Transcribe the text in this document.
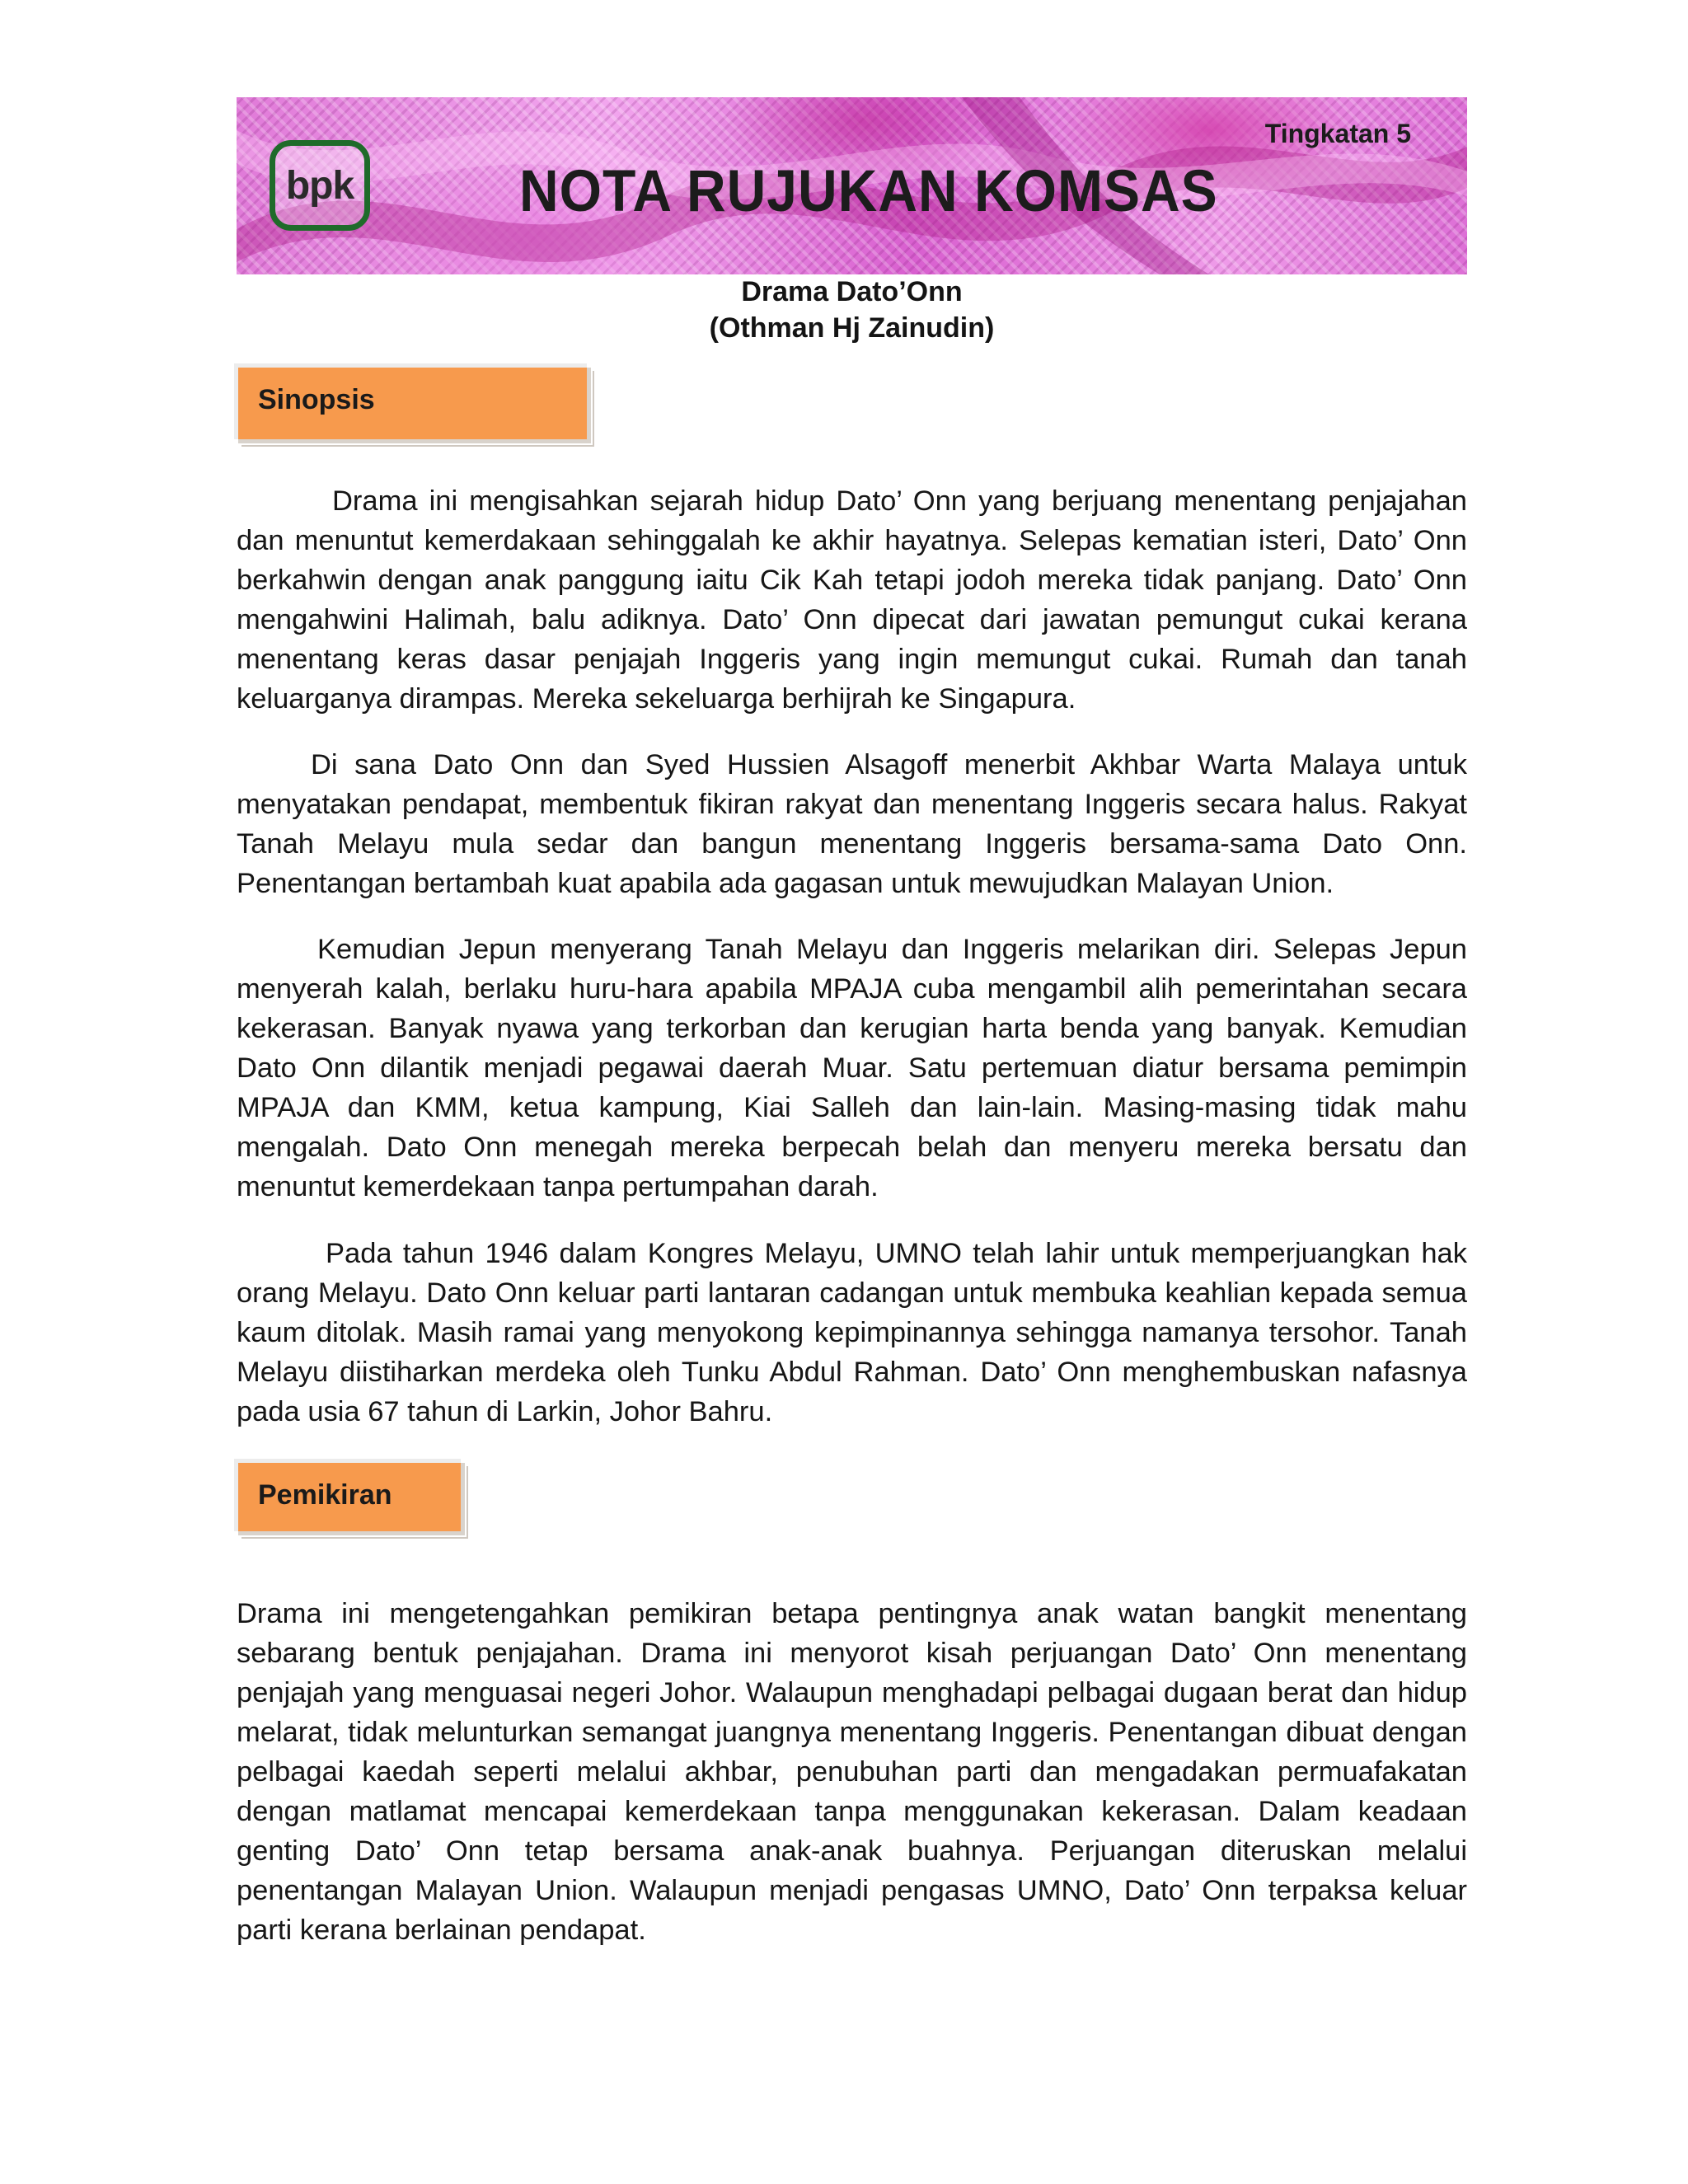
bpk	NOTA RUJUKAN KOMSAS
Tingkatan 5

Drama Dato’Onn

(Othman Hj Zainudin)

Sinopsis

Drama ini mengisahkan sejarah hidup Dato’ Onn yang berjuang menentang penjajahan dan menuntut kemerdakaan sehinggalah ke akhir hayatnya. Selepas kematian isteri, Dato’ Onn berkahwin dengan anak panggung iaitu Cik Kah tetapi jodoh mereka tidak panjang. Dato’ Onn mengahwini Halimah, balu adiknya. Dato’ Onn dipecat dari jawatan pemungut cukai kerana menentang keras dasar penjajah Inggeris yang ingin memungut cukai. Rumah dan tanah keluarganya dirampas. Mereka sekeluarga berhijrah ke Singapura.

Di sana Dato Onn dan Syed Hussien Alsagoff menerbit Akhbar Warta Malaya untuk menyatakan pendapat, membentuk fikiran rakyat dan menentang Inggeris secara halus. Rakyat Tanah Melayu mula sedar dan bangun menentang Inggeris bersama-sama Dato Onn. Penentangan bertambah kuat apabila ada gagasan untuk mewujudkan Malayan Union.

Kemudian Jepun menyerang Tanah Melayu dan Inggeris melarikan diri. Selepas Jepun menyerah kalah, berlaku huru-hara apabila MPAJA cuba mengambil alih pemerintahan secara kekerasan. Banyak nyawa yang terkorban dan kerugian harta benda yang banyak. Kemudian Dato Onn dilantik menjadi pegawai daerah Muar. Satu pertemuan diatur bersama pemimpin MPAJA dan KMM, ketua kampung, Kiai Salleh dan lain-lain. Masing-masing tidak mahu mengalah. Dato Onn menegah mereka berpecah belah dan menyeru mereka bersatu dan menuntut kemerdekaan tanpa pertumpahan darah.

Pada tahun 1946 dalam Kongres Melayu, UMNO telah lahir untuk memperjuangkan hak orang Melayu. Dato Onn keluar parti lantaran cadangan untuk membuka keahlian kepada semua kaum ditolak. Masih ramai yang menyokong kepimpinannya sehingga namanya tersohor. Tanah Melayu diistiharkan merdeka oleh Tunku Abdul Rahman. Dato’ Onn menghembuskan nafasnya pada usia 67 tahun di Larkin, Johor Bahru.

Pemikiran

Drama ini mengetengahkan pemikiran betapa pentingnya anak watan bangkit menentang sebarang bentuk penjajahan. Drama ini menyorot kisah perjuangan Dato’ Onn menentang penjajah yang menguasai negeri Johor. Walaupun menghadapi pelbagai dugaan berat dan hidup melarat, tidak melunturkan semangat juangnya menentang Inggeris. Penentangan dibuat dengan pelbagai kaedah seperti melalui akhbar, penubuhan parti dan mengadakan permuafakatan dengan matlamat mencapai kemerdekaan tanpa menggunakan kekerasan. Dalam keadaan genting Dato’ Onn tetap bersama anak-anak buahnya. Perjuangan diteruskan melalui penentangan Malayan Union. Walaupun menjadi pengasas UMNO, Dato’ Onn terpaksa keluar parti kerana berlainan pendapat.
